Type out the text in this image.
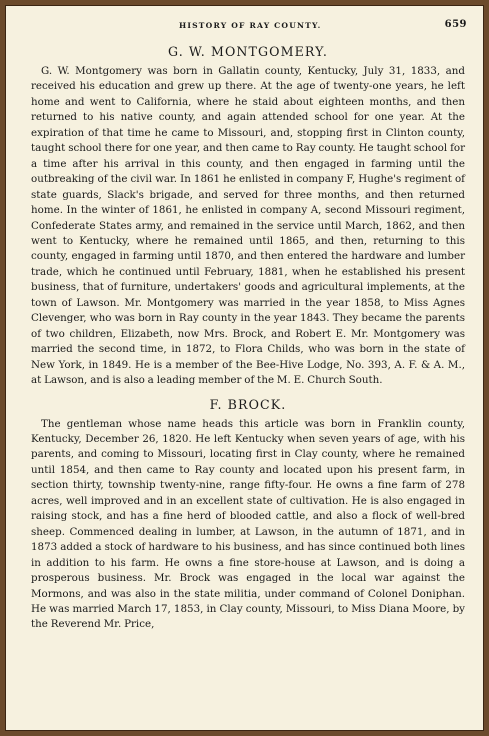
HISTORY OF RAY COUNTY.	659
G. W. MONTGOMERY.

G. W. Montgomery was born in Gallatin county, Kentucky, July 31, 1833, and received his education and grew up there. At the age of twenty-one years, he left home and went to California, where he staid about eighteen months, and then returned to his native county, and again attended school for one year. At the expiration of that time he came to Missouri, and, stopping first in Clinton county, taught school there for one year, and then came to Ray county. He taught school for a time after his arrival in this county, and then engaged in farming until the outbreaking of the civil war. In 1861 he enlisted in company F, Hughe's regiment of state guards, Slack's brigade, and served for three months, and then returned home. In the winter of 1861, he enlisted in company A, second Missouri regiment, Confederate States army, and remained in the service until March, 1862, and then went to Kentucky, where he remained until 1865, and then, returning to this county, engaged in farming until 1870, and then entered the hardware and lumber trade, which he continued until February, 1881, when he established his present business, that of furniture, undertakers' goods and agricultural implements, at the town of Lawson. Mr. Montgomery was married in the year 1858, to Miss Agnes Clevenger, who was born in Ray county in the year 1843. They became the parents of two children, Elizabeth, now Mrs. Brock, and Robert E. Mr. Montgomery was married the second time, in 1872, to Flora Childs, who was born in the state of New York, in 1849. He is a member of the Bee-Hive Lodge, No. 393, A. F. & A. M., at Lawson, and is also a leading member of the M. E. Church South.

F. BROCK.

The gentleman whose name heads this article was born in Franklin county, Kentucky, December 26, 1820. He left Kentucky when seven years of age, with his parents, and coming to Missouri, locating first in Clay county, where he remained until 1854, and then came to Ray county and located upon his present farm, in section thirty, township twenty-nine, range fifty-four. He owns a fine farm of 278 acres, well improved and in an excellent state of cultivation. He is also engaged in raising stock, and has a fine herd of blooded cattle, and also a flock of well-bred sheep. Commenced dealing in lumber, at Lawson, in the autumn of 1871, and in 1873 added a stock of hardware to his business, and has since continued both lines in addition to his farm. He owns a fine store-house at Lawson, and is doing a prosperous business. Mr. Brock was engaged in the local war against the Mormons, and was also in the state militia, under command of Colonel Doniphan. He was married March 17, 1853, in Clay county, Missouri, to Miss Diana Moore, by the Reverend Mr. Price,
